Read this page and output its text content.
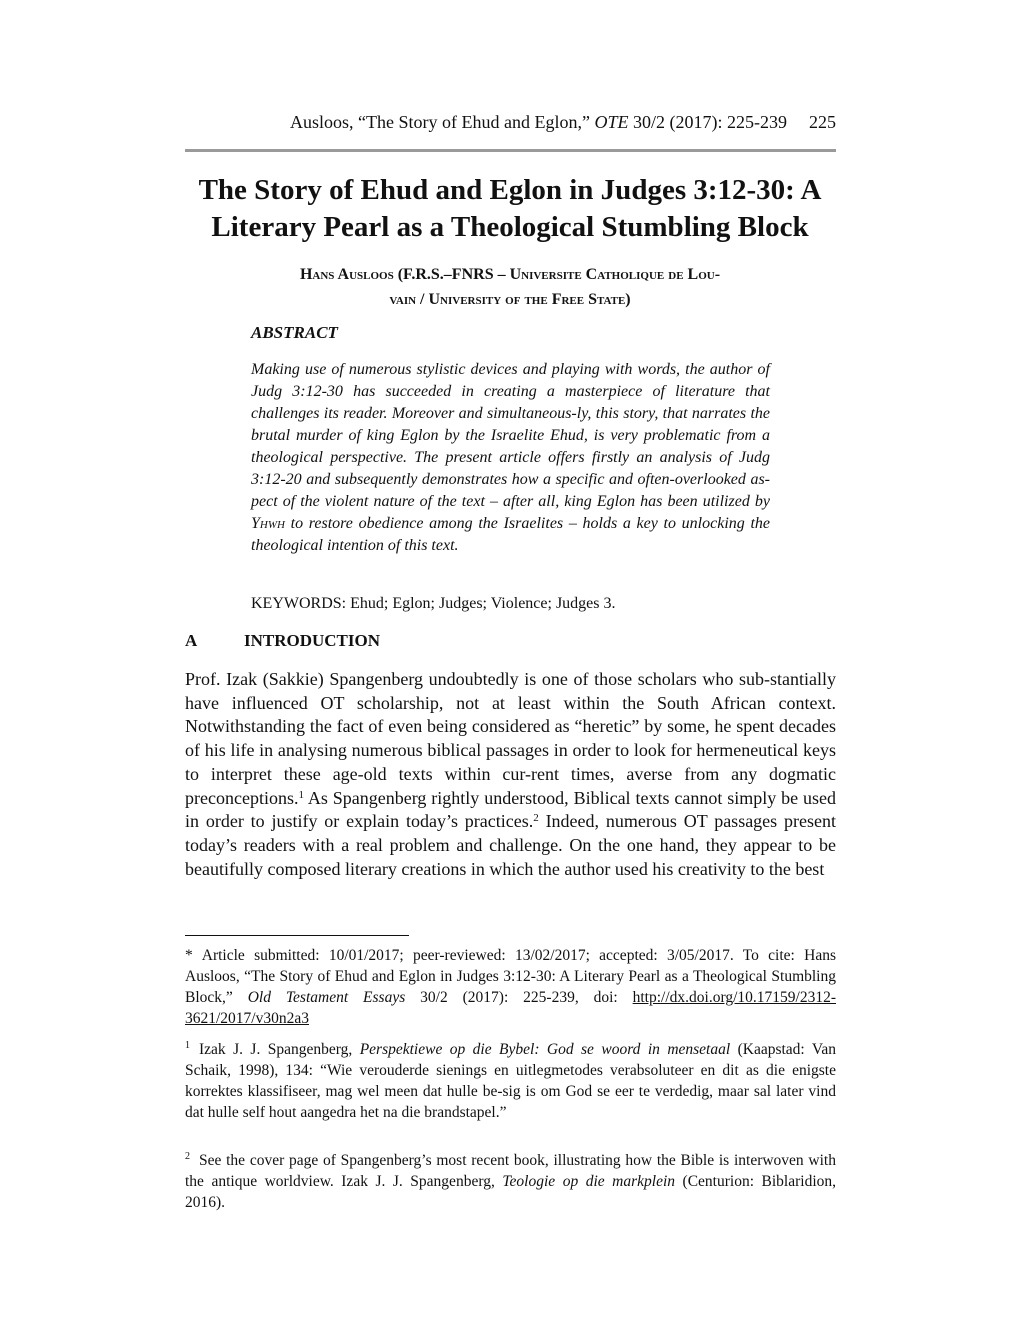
Ausloos, “The Story of Ehud and Eglon,” OTE 30/2 (2017): 225-239 225
The Story of Ehud and Eglon in Judges 3:12-30: A
Literary Pearl as a Theological Stumbling Block
Hans Ausloos (F.R.S.–FNRS – Universite Catholique de Lou-
vain / University of the Free State)
ABSTRACT

Making use of numerous stylistic devices and playing with words, the author of Judg 3:12-30 has succeeded in creating a masterpiece of literature that challenges its reader. Moreover and simultaneous-ly, this story, that narrates the brutal murder of king Eglon by the Israelite Ehud, is very problematic from a theological perspective. The present article offers firstly an analysis of Judg 3:12-20 and subsequently demonstrates how a specific and often-overlooked as-pect of the violent nature of the text – after all, king Eglon has been utilized by Yhwh to restore obedience among the Israelites – holds a key to unlocking the theological intention of this text.

KEYWORDS: Ehud; Eglon; Judges; Violence; Judges 3.
A	INTRODUCTION

Prof. Izak (Sakkie) Spangenberg undoubtedly is one of those scholars who sub-stantially have influenced OT scholarship, not at least within the South African context. Notwithstanding the fact of even being considered as “heretic” by some, he spent decades of his life in analysing numerous biblical passages in order to look for hermeneutical keys to interpret these age-old texts within cur-rent times, averse from any dogmatic preconceptions.$^1$ As Spangenberg rightly understood, Biblical texts cannot simply be used in order to justify or explain today’s practices.$^2$ Indeed, numerous OT passages present today’s readers with a real problem and challenge. On the one hand, they appear to be beautifully composed literary creations in which the author used his creativity to the best

* Article submitted: 10/01/2017; peer-reviewed: 13/02/2017; accepted: 3/05/2017. To cite: Hans Ausloos, “The Story of Ehud and Eglon in Judges 3:12-30: A Literary Pearl as a Theological Stumbling Block,” Old Testament Essays 30/2 (2017): 225-239, doi: http://dx.doi.org/10.17159/2312-3621/2017/v30n2a3

$^1$ Izak J. J. Spangenberg, Perspektiewe op die Bybel: God se woord in mensetaal (Kaapstad: Van Schaik, 1998), 134: “Wie verouderde sienings en uitlegmetodes verabsoluteer en dit as die enigste korrektes klassifiseer, mag wel meen dat hulle be-sig is om God se eer te verdedig, maar sal later vind dat hulle self hout aangedra het na die brandstapel.”

$^2$ See the cover page of Spangenberg’s most recent book, illustrating how the Bible is interwoven with the antique worldview. Izak J. J. Spangenberg, Teologie op die markplein (Centurion: Biblaridion, 2016).
